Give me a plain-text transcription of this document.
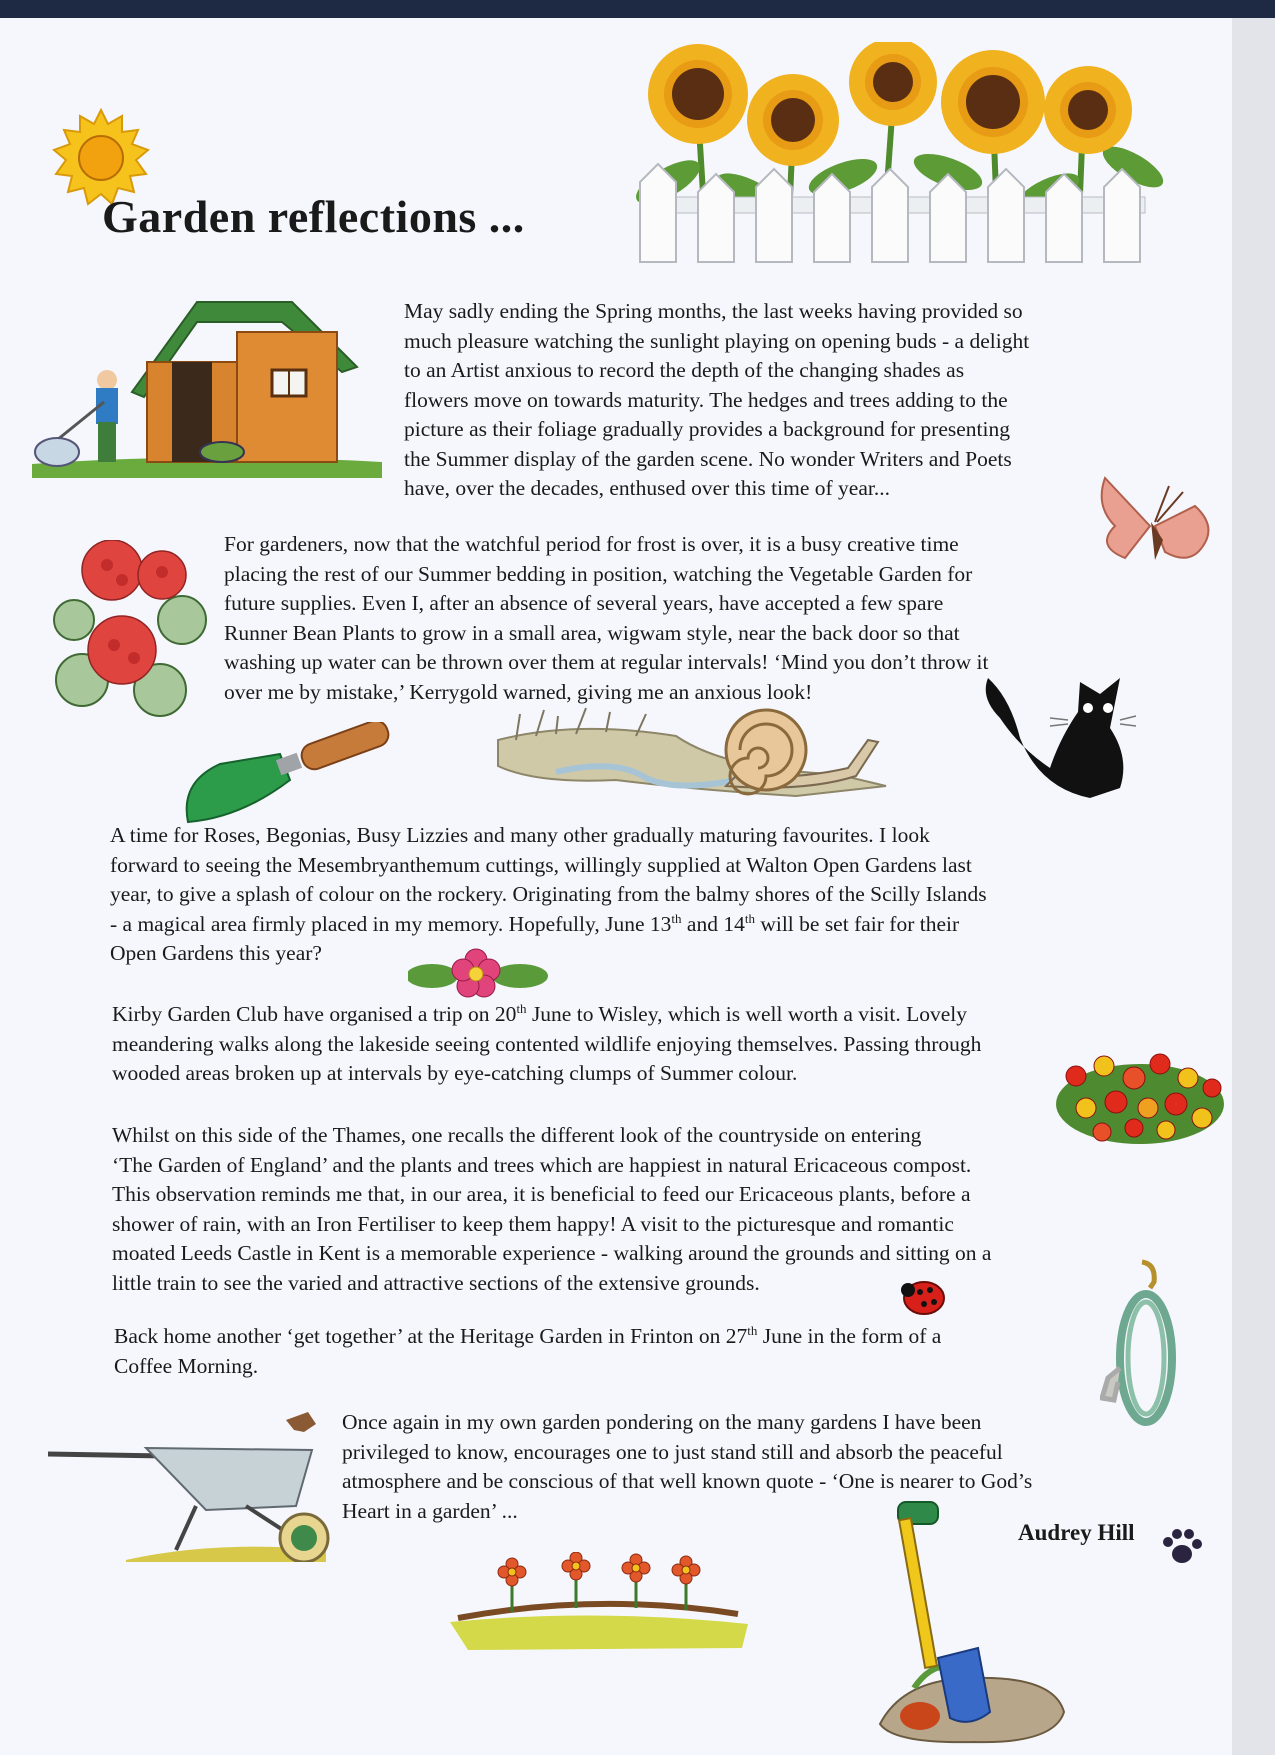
Garden reflections ...

May sadly ending the Spring months, the last weeks having provided so
much pleasure watching the sunlight playing on opening buds - a delight
to an Artist anxious to record the depth of the changing shades as
flowers move on towards maturity. The hedges and trees adding to the
picture as their foliage gradually provides a background for presenting
the Summer display of the garden scene. No wonder Writers and Poets
have, over the decades, enthused over this time of year...

For gardeners, now that the watchful period for frost is over, it is a busy creative time
placing the rest of our Summer bedding in position, watching the Vegetable Garden for
future supplies. Even I, after an absence of several years, have accepted a few spare
Runner Bean Plants to grow in a small area, wigwam style, near the back door so that
washing up water can be thrown over them at regular intervals! ‘Mind you don’t throw it
over me by mistake,’ Kerrygold warned, giving me an anxious look!

A time for Roses, Begonias, Busy Lizzies and many other gradually maturing favourites. I look
forward to seeing the Mesembryanthemum cuttings, willingly supplied at Walton Open Gardens last
year, to give a splash of colour on the rockery. Originating from the balmy shores of the Scilly Islands
- a magical area firmly placed in my memory. Hopefully, June 13th and 14th will be set fair for their
Open Gardens this year?

Kirby Garden Club have organised a trip on 20th June to Wisley, which is well worth a visit. Lovely
meandering walks along the lakeside seeing contented wildlife enjoying themselves. Passing through
wooded areas broken up at intervals by eye-catching clumps of Summer colour.

Whilst on this side of the Thames, one recalls the different look of the countryside on entering
‘The Garden of England’ and the plants and trees which are happiest in natural Ericaceous compost.
This observation reminds me that, in our area, it is beneficial to feed our Ericaceous plants, before a
shower of rain, with an Iron Fertiliser to keep them happy! A visit to the picturesque and romantic
moated Leeds Castle in Kent is a memorable experience - walking around the grounds and sitting on a
little train to see the varied and attractive sections of the extensive grounds.

Back home another ‘get together’ at the Heritage Garden in Frinton on 27th June in the form of a
Coffee Morning.

Once again in my own garden pondering on the many gardens I have been
privileged to know, encourages one to just stand still and absorb the peaceful
atmosphere and be conscious of that well known quote - ‘One is nearer to God’s
Heart in a garden’ ...

Audrey Hill
